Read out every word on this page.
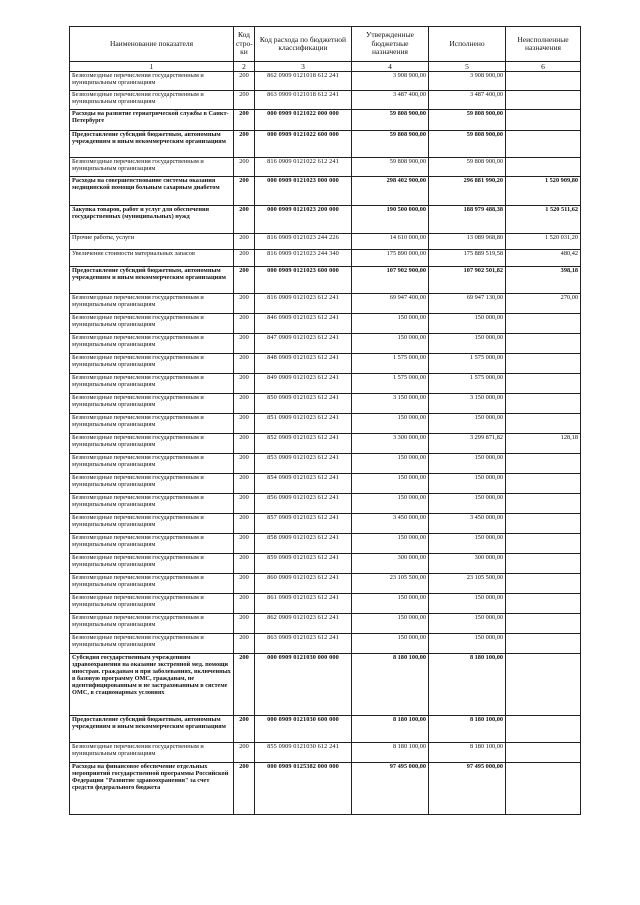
Наименование показателя	Код стро- ки	Код расхода по бюджетной классификации	Утвержденные бюджетные назначения	Исполнено	Неисполненные назначения
1	2	3	4	5	6
Безвозмездные перечисления государственным и муниципальным организациям	200	862 0909 0121018 612 241	3 908 900,00	3 908 900,00	
Безвозмездные перечисления государственным и муниципальным организациям	200	863 0909 0121018 612 241	3 487 400,00	3 487 400,00	
Расходы на развитие гериатрической службы в Санкт-Петербурге	200	000 0909 0121022 000 000	59 808 900,00	59 808 900,00	
Предоставление субсидий бюджетным, автономным учреждениям и иным некоммерческим организациям	200	000 0909 0121022 600 000	59 808 900,00	59 808 900,00	
Безвозмездные перечисления государственным и муниципальным организациям	200	816 0909 0121022 612 241	59 808 900,00	59 808 900,00	
Расходы на совершенствование системы оказания медицинской помощи больным сахарным диабетом	200	000 0909 0121023 000 000	298 402 900,00	296 881 990,20	1 520 909,80
Закупка товаров, работ и услуг для обеспечения государственных (муниципальных) нужд	200	000 0909 0121023 200 000	190 500 000,00	188 979 488,38	1 520 511,62
Прочие работы, услуги	200	816 0909 0121023 244 226	14 610 000,00	13 089 968,80	1 520 031,20
Увеличение стоимости материальных запасов	200	816 0909 0121023 244 340	175 890 000,00	175 889 519,58	480,42
Предоставление субсидий бюджетным, автономным учреждениям и иным некоммерческим организациям	200	000 0909 0121023 600 000	107 902 900,00	107 902 501,82	398,18
Безвозмездные перечисления государственным и муниципальным организациям	200	816 0909 0121023 612 241	69 947 400,00	69 947 130,00	270,00
Безвозмездные перечисления государственным и муниципальным организациям	200	846 0909 0121023 612 241	150 000,00	150 000,00	
Безвозмездные перечисления государственным и муниципальным организациям	200	847 0909 0121023 612 241	150 000,00	150 000,00	
Безвозмездные перечисления государственным и муниципальным организациям	200	848 0909 0121023 612 241	1 575 000,00	1 575 000,00	
Безвозмездные перечисления государственным и муниципальным организациям	200	849 0909 0121023 612 241	1 575 000,00	1 575 000,00	
Безвозмездные перечисления государственным и муниципальным организациям	200	850 0909 0121023 612 241	3 150 000,00	3 150 000,00	
Безвозмездные перечисления государственным и муниципальным организациям	200	851 0909 0121023 612 241	150 000,00	150 000,00	
Безвозмездные перечисления государственным и муниципальным организациям	200	852 0909 0121023 612 241	3 300 000,00	3 299 871,82	128,18
Безвозмездные перечисления государственным и муниципальным организациям	200	853 0909 0121023 612 241	150 000,00	150 000,00	
Безвозмездные перечисления государственным и муниципальным организациям	200	854 0909 0121023 612 241	150 000,00	150 000,00	
Безвозмездные перечисления государственным и муниципальным организациям	200	856 0909 0121023 612 241	150 000,00	150 000,00	
Безвозмездные перечисления государственным и муниципальным организациям	200	857 0909 0121023 612 241	3 450 000,00	3 450 000,00	
Безвозмездные перечисления государственным и муниципальным организациям	200	858 0909 0121023 612 241	150 000,00	150 000,00	
Безвозмездные перечисления государственным и муниципальным организациям	200	859 0909 0121023 612 241	300 000,00	300 000,00	
Безвозмездные перечисления государственным и муниципальным организациям	200	860 0909 0121023 612 241	23 105 500,00	23 105 500,00	
Безвозмездные перечисления государственным и муниципальным организациям	200	861 0909 0121023 612 241	150 000,00	150 000,00	
Безвозмездные перечисления государственным и муниципальным организациям	200	862 0909 0121023 612 241	150 000,00	150 000,00	
Безвозмездные перечисления государственным и муниципальным организациям	200	863 0909 0121023 612 241	150 000,00	150 000,00	
Субсидия государственным учреждениям здравоохранения на оказание экстренной мед. помощи иностран. гражданам и при заболеваниях, включенных в базовую программу ОМС, гражданам, не идентифицированным и не застрахованным в системе ОМС, в стационарных условиях	200	000 0909 0121030 000 000	8 180 100,00	8 180 100,00	
Предоставление субсидий бюджетным, автономным учреждениям и иным некоммерческим организациям	200	000 0909 0121030 600 000	8 180 100,00	8 180 100,00	
Безвозмездные перечисления государственным и муниципальным организациям	200	855 0909 0121030 612 241	8 180 100,00	8 180 100,00	
Расходы на финансовое обеспечение отдельных мероприятий государственной программы Российской Федерации "Развитие здравоохранения" за счет средств федерального бюджета	200	000 0909 0125382 000 000	97 495 000,00	97 495 000,00	
